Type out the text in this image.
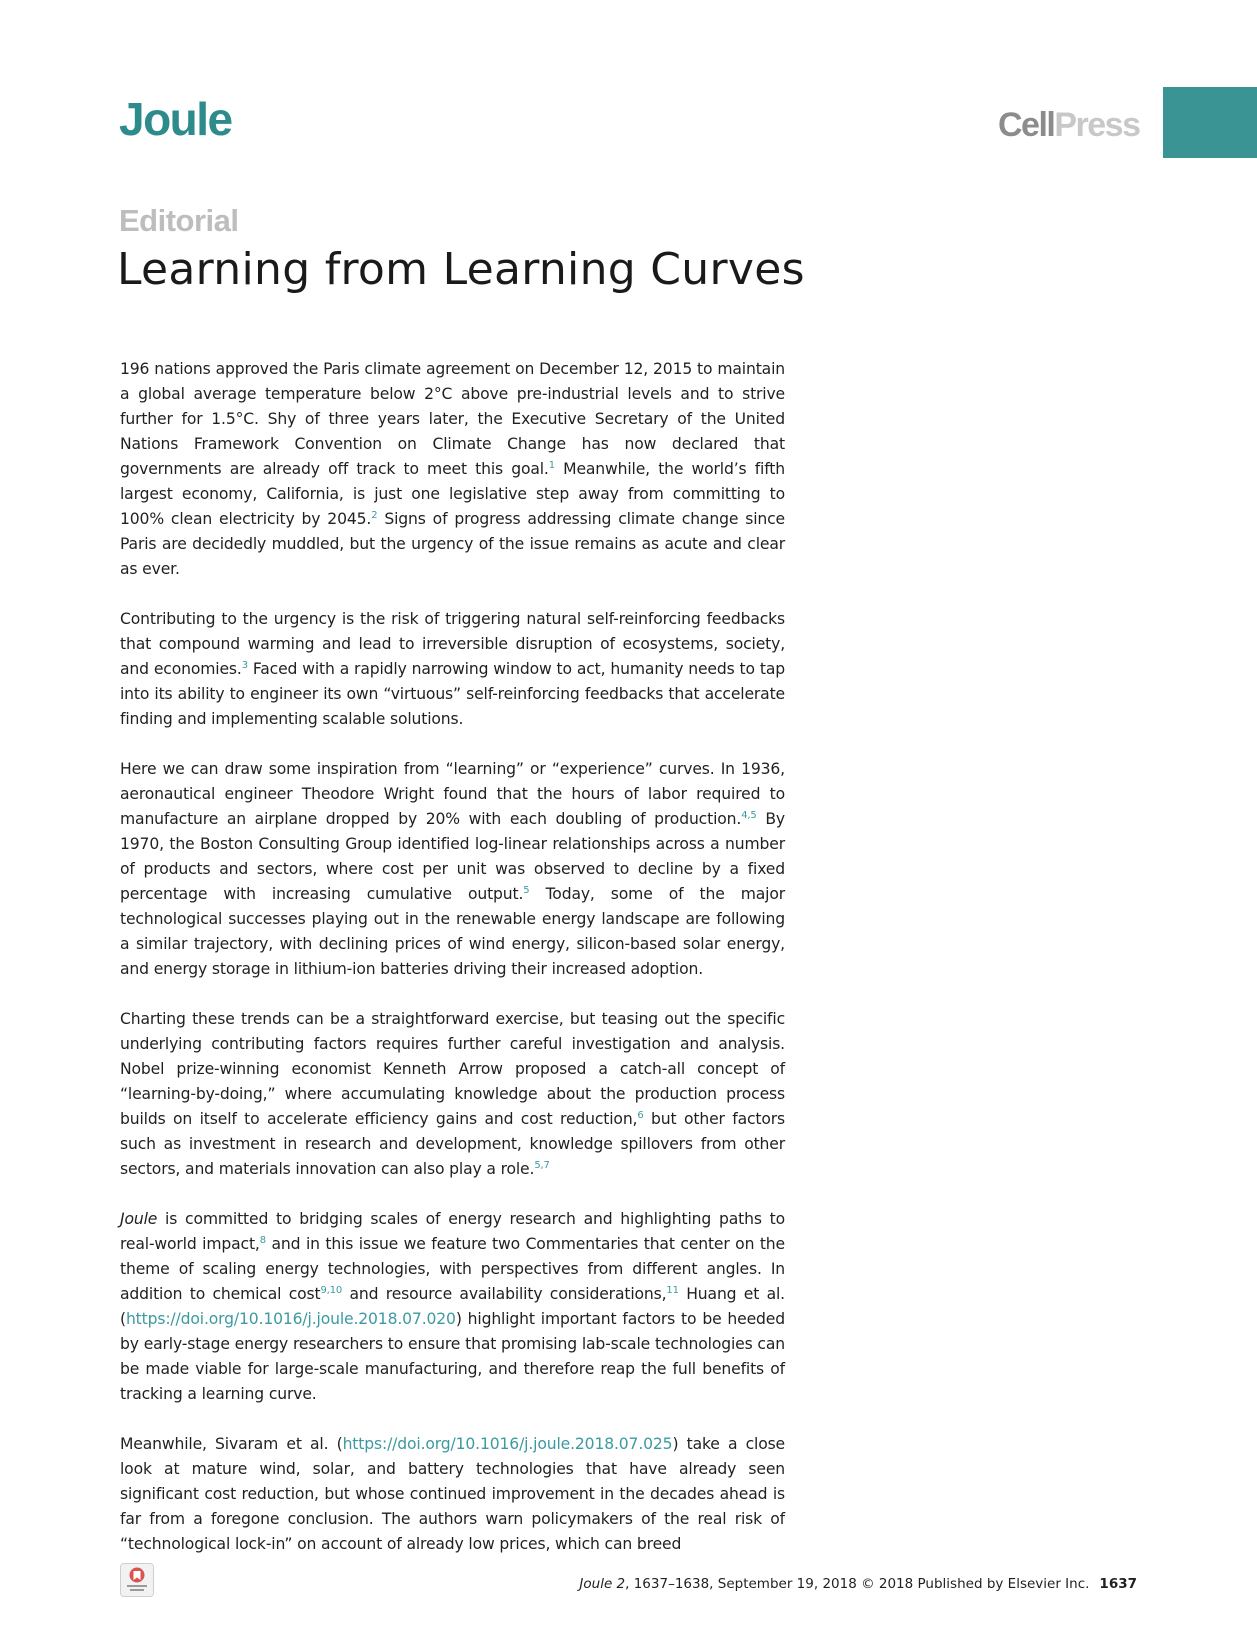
Joule	CellPress
Editorial
Learning from Learning Curves

196 nations approved the Paris climate agreement on December 12, 2015 to maintain a global average temperature below 2°C above pre-industrial levels and to strive further for 1.5°C. Shy of three years later, the Executive Secretary of the United Nations Framework Convention on Climate Change has now declared that governments are already off track to meet this goal.$^1$ Meanwhile, the world’s fifth largest economy, California, is just one legislative step away from committing to 100% clean electricity by 2045.$^2$ Signs of progress addressing climate change since Paris are decidedly muddled, but the urgency of the issue remains as acute and clear as ever.

Contributing to the urgency is the risk of triggering natural self-reinforcing feedbacks that compound warming and lead to irreversible disruption of ecosystems, society, and economies.$^3$ Faced with a rapidly narrowing window to act, humanity needs to tap into its ability to engineer its own “virtuous” self-reinforcing feedbacks that accelerate finding and implementing scalable solutions.

Here we can draw some inspiration from “learning” or “experience” curves. In 1936, aeronautical engineer Theodore Wright found that the hours of labor required to manufacture an airplane dropped by 20% with each doubling of production.$^{4,5}$ By 1970, the Boston Consulting Group identified log-linear relationships across a number of products and sectors, where cost per unit was observed to decline by a fixed percentage with increasing cumulative output.$^5$ Today, some of the major technological successes playing out in the renewable energy landscape are following a similar trajectory, with declining prices of wind energy, silicon-based solar energy, and energy storage in lithium-ion batteries driving their increased adoption.

Charting these trends can be a straightforward exercise, but teasing out the specific underlying contributing factors requires further careful investigation and analysis. Nobel prize-winning economist Kenneth Arrow proposed a catch-all concept of “learning-by-doing,” where accumulating knowledge about the production process builds on itself to accelerate efficiency gains and cost reduction,$^6$ but other factors such as investment in research and development, knowledge spillovers from other sectors, and materials innovation can also play a role.$^{5,7}$

Joule is committed to bridging scales of energy research and highlighting paths to real-world impact,$^8$ and in this issue we feature two Commentaries that center on the theme of scaling energy technologies, with perspectives from different angles. In addition to chemical cost$^{9,10}$ and resource availability considerations,$^{11}$ Huang et al. (https://doi.org/10.1016/j.joule.2018.07.020) highlight important factors to be heeded by early-stage energy researchers to ensure that promising lab-scale technologies can be made viable for large-scale manufacturing, and therefore reap the full benefits of tracking a learning curve.

Meanwhile, Sivaram et al. (https://doi.org/10.1016/j.joule.2018.07.025) take a close look at mature wind, solar, and battery technologies that have already seen significant cost reduction, but whose continued improvement in the decades ahead is far from a foregone conclusion. The authors warn policymakers of the real risk of “technological lock-in” on account of already low prices, which can breed

Joule 2, 1637–1638, September 19, 2018 © 2018 Published by Elsevier Inc. 1637
